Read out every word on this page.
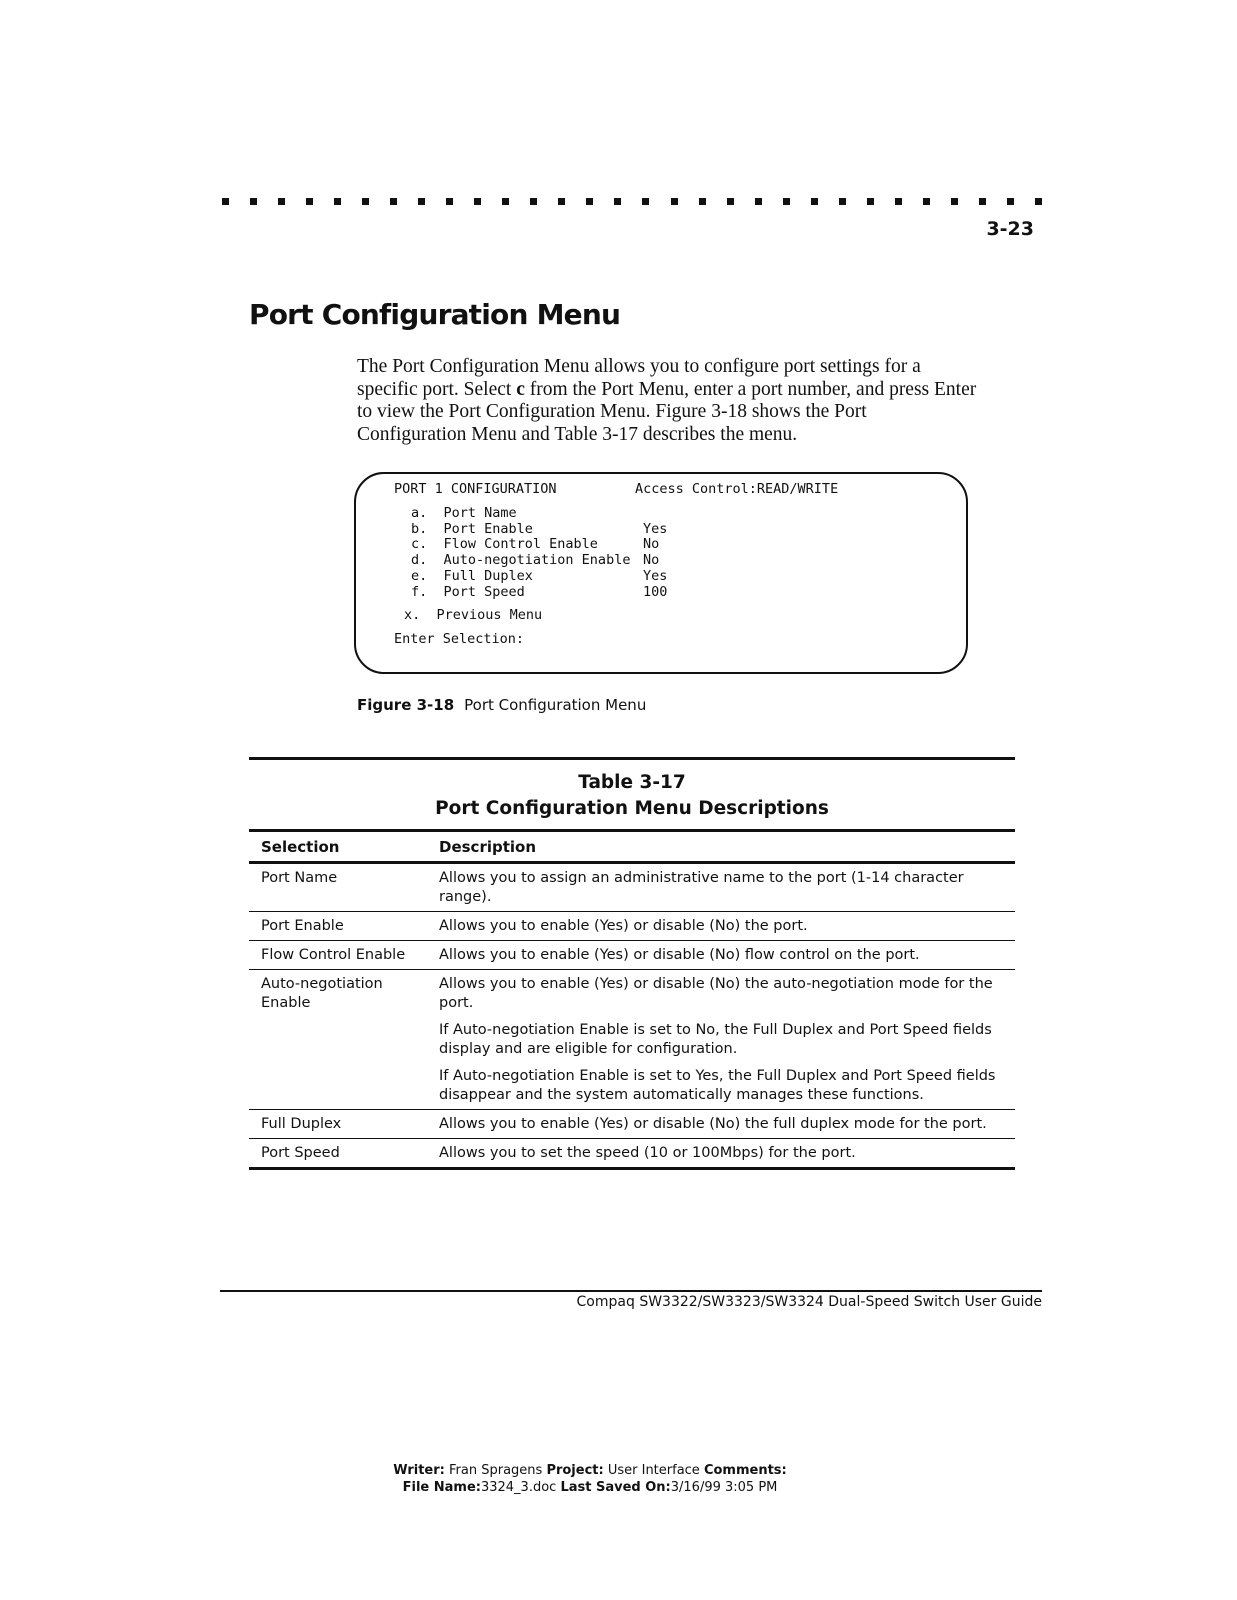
3-23
Port Configuration Menu

The Port Configuration Menu allows you to configure port settings for a specific port. Select c from the Port Menu, enter a port number, and press Enter to view the Port Configuration Menu. Figure 3-18 shows the Port Configuration Menu and Table 3-17 describes the menu.

PORT 1 CONFIGURATION	Access Control:READ/WRITE
a.  Port Name
b.  Port Enable	Yes
c.  Flow Control Enable	No
d.  Auto-negotiation Enable No
e.  Full Duplex	Yes
f.  Port Speed	100
x.  Previous Menu
Enter Selection:
Figure 3-18 Port Configuration Menu
Table 3-17
Port Configuration Menu Descriptions
Selection	Description
Port Name	Allows you to assign an administrative name to the port (1-14 character range).

Port Enable	Allows you to enable (Yes) or disable (No) the port.

Flow Control Enable	Allows you to enable (Yes) or disable (No) flow control on the port.

Auto-negotiation Enable	Allows you to enable (Yes) or disable (No) the auto-negotiation mode for the port.

If Auto-negotiation Enable is set to No, the Full Duplex and Port Speed fields display and are eligible for configuration.

If Auto-negotiation Enable is set to Yes, the Full Duplex and Port Speed fields disappear and the system automatically manages these functions.

Full Duplex	Allows you to enable (Yes) or disable (No) the full duplex mode for the port.

Port Speed	Allows you to set the speed (10 or 100Mbps) for the port.

Compaq SW3322/SW3323/SW3324 Dual-Speed Switch User Guide
Writer: Fran Spragens Project: User Interface Comments:
File Name:3324_3.doc Last Saved On:3/16/99 3:05 PM
